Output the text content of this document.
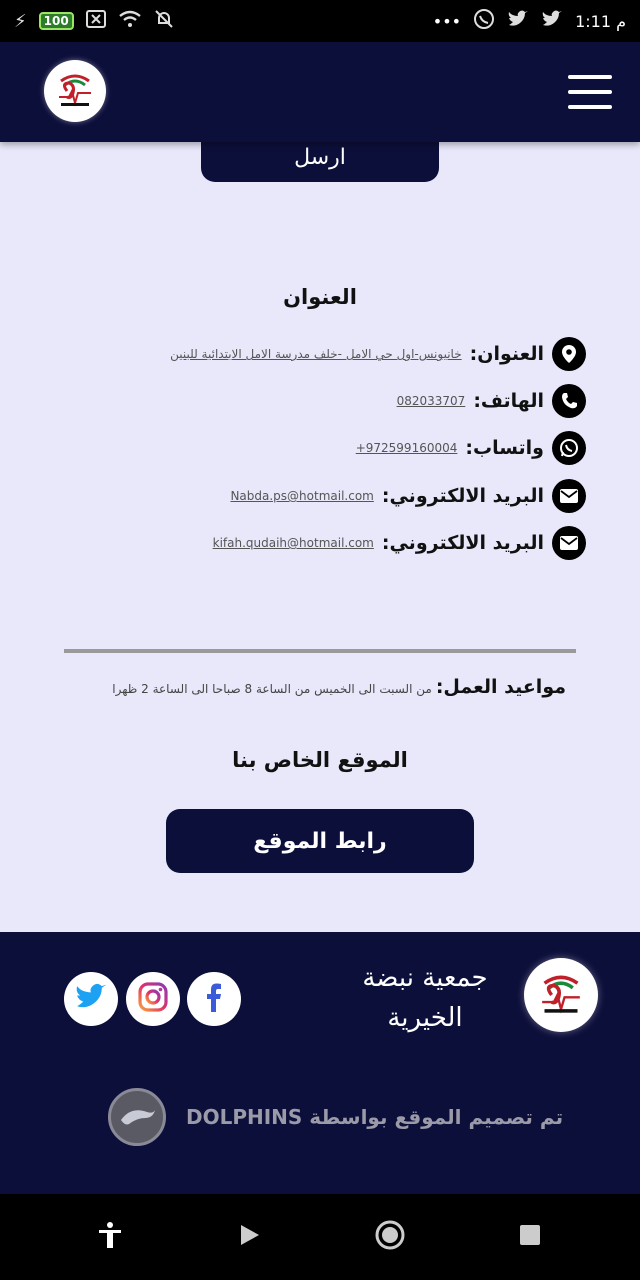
⚡	100	•••	1:11 م
ارسل
العنوان
العنوان:
خانيونس-اول حي الامل -خلف مدرسة الامل الابتدائية للبنين
الهاتف:
082033707
واتساب:
+972599160004
البريد الالكتروني:
Nabda.ps@hotmail.com
البريد الالكتروني:
kifah.qudaih@hotmail.com
مواعيد العمل:
من السبت الى الخميس من الساعة 8 صباحا الى الساعة 2 ظهرا
الموقع الخاص بنا
رابط الموقع
جمعية نبضة الخيرية
تم تصميم الموقع بواسطة DOLPHINS
